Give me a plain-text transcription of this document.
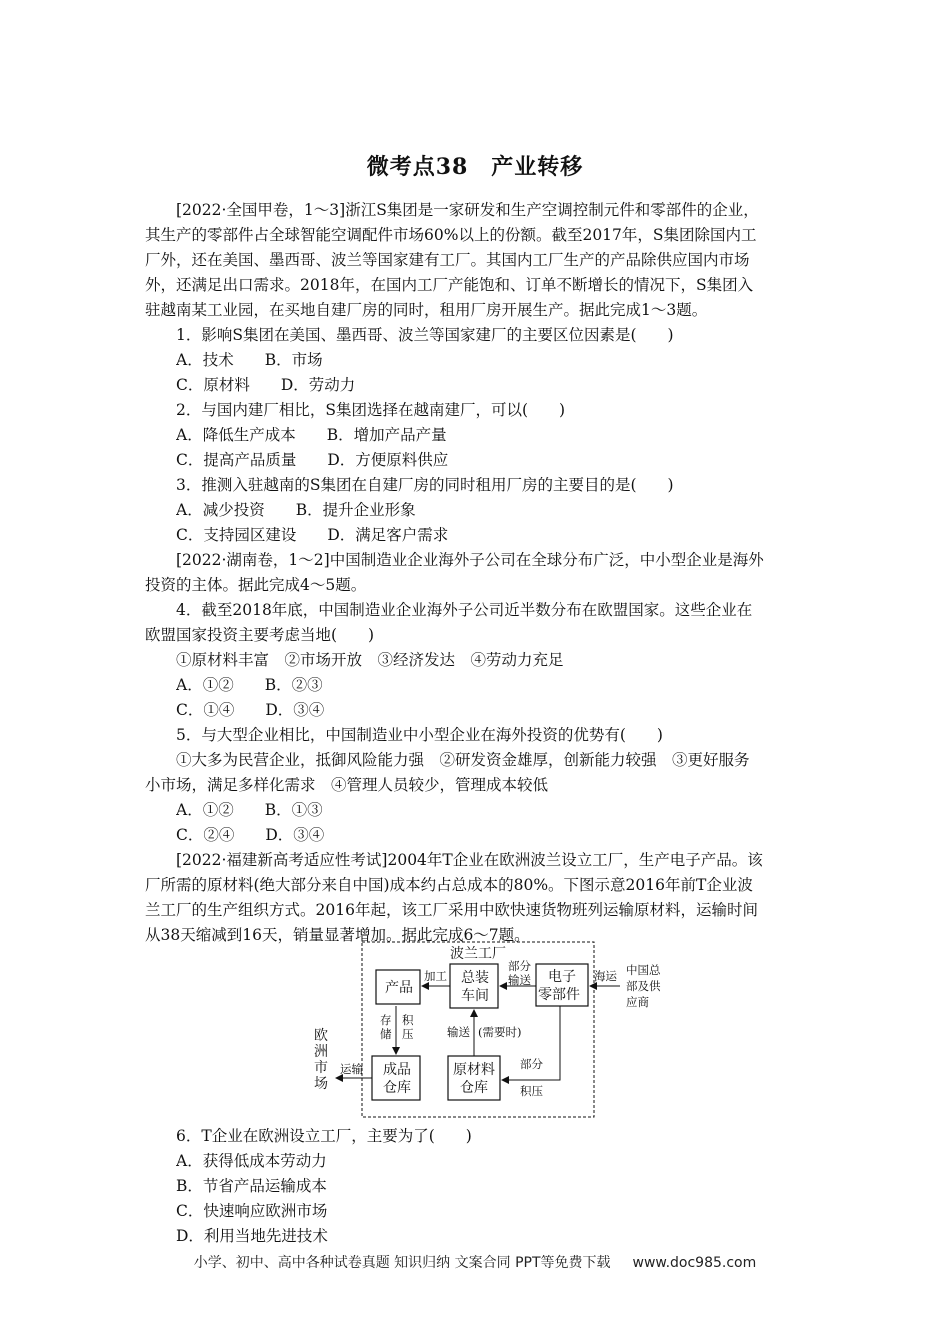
微考点38　产业转移
[2022·全国甲卷，1～3]浙江S集团是一家研发和生产空调控制元件和零部件的企业，
其生产的零部件占全球智能空调配件市场60%以上的份额。截至2017年，S集团除国内工
厂外，还在美国、墨西哥、波兰等国家建有工厂。其国内工厂生产的产品除供应国内市场
外，还满足出口需求。2018年，在国内工厂产能饱和、订单不断增长的情况下，S集团入
驻越南某工业园，在买地自建厂房的同时，租用厂房开展生产。据此完成1～3题。
1．影响S集团在美国、墨西哥、波兰等国家建厂的主要区位因素是(　　)
A．技术　　B．市场
C．原材料　　D．劳动力
2．与国内建厂相比，S集团选择在越南建厂，可以(　　)
A．降低生产成本　　B．增加产品产量
C．提高产品质量　　D．方便原料供应
3．推测入驻越南的S集团在自建厂房的同时租用厂房的主要目的是(　　)
A．减少投资　　B．提升企业形象
C．支持园区建设　　D．满足客户需求
[2022·湖南卷，1～2]中国制造业企业海外子公司在全球分布广泛，中小型企业是海外
投资的主体。据此完成4～5题。
4．截至2018年底，中国制造业企业海外子公司近半数分布在欧盟国家。这些企业在
欧盟国家投资主要考虑当地(　　)
①原材料丰富　②市场开放　③经济发达　④劳动力充足
A．①②　　B．②③
C．①④　　D．③④
5．与大型企业相比，中国制造业中小型企业在海外投资的优势有(　　)
①大多为民营企业，抵御风险能力强　②研发资金雄厚，创新能力较强　③更好服务
小市场，满足多样化需求　④管理人员较少，管理成本较低
A．①②　　B．①③
C．②④　　D．③④
[2022·福建新高考适应性考试]2004年T企业在欧洲波兰设立工厂，生产电子产品。该
厂所需的原材料(绝大部分来自中国)成本约占总成本的80%。下图示意2016年前T企业波
兰工厂的生产组织方式。2016年起，该工厂采用中欧快速货物班列运输原材料，运输时间
从38天缩减到16天，销量显著增加。据此完成6～7题。
波兰工厂
产品
总装
车间
电子
零部件
成品
仓库
原材料
仓库
加工
部分
输送	海运 中国总
部及供
应商
存
储
积
压	输送 (需要时)
部分
积压
运输
欧
洲
市
场
6．T企业在欧洲设立工厂，主要为了(　　)
A．获得低成本劳动力
B．节省产品运输成本
C．快速响应欧洲市场
D．利用当地先进技术
小学、初中、高中各种试卷真题 知识归纳 文案合同 PPT等免费下载 www.doc985.com
